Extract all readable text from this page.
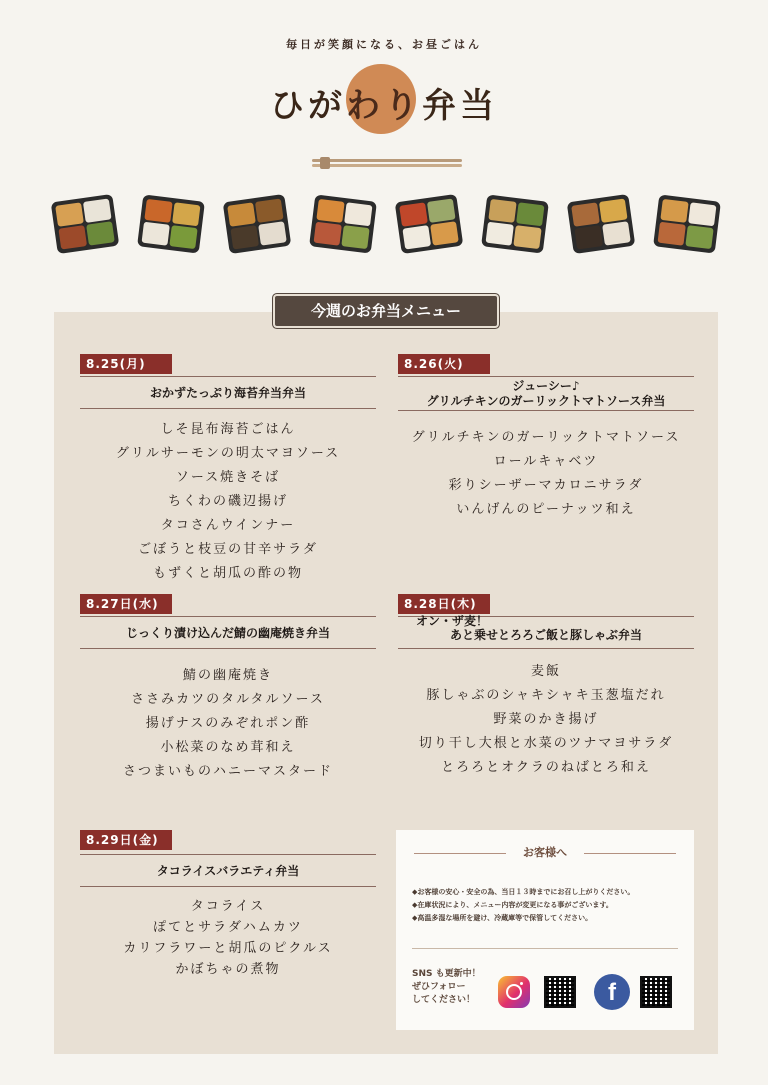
毎日が笑顔になる、お昼ごはん
ひがわり弁当
今週のお弁当メニュー
8.25(月)
おかずたっぷり海苔弁当弁当
しそ昆布海苔ごはん
グリルサーモンの明太マヨソース
ソース焼きそば
ちくわの磯辺揚げ
タコさんウインナー
ごぼうと枝豆の甘辛サラダ
もずくと胡瓜の酢の物
8.26(火)
ジューシー♪
グリルチキンのガーリックトマトソース弁当
グリルチキンのガーリックトマトソース
ロールキャベツ
彩りシーザーマカロニサラダ
いんげんのピーナッツ和え
8.27日(水)
じっくり漬け込んだ鯖の幽庵焼き弁当
鯖の幽庵焼き
ささみカツのタルタルソース
揚げナスのみぞれポン酢
小松菜のなめ茸和え
さつまいものハニーマスタード
8.28日(木)
オン・ザ麦！
あと乗せとろろご飯と豚しゃぶ弁当
麦飯
豚しゃぶのシャキシャキ玉葱塩だれ
野菜のかき揚げ
切り干し大根と水菜のツナマヨサラダ
とろろとオクラのねばとろ和え
8.29日(金)
タコライスバラエティ弁当
タコライス
ぽてとサラダハムカツ
カリフラワーと胡瓜のピクルス
かぼちゃの煮物
お客様へ
◆お客様の安心・安全の為、当日１３時までにお召し上がりください。
◆在庫状況により、メニュー内容が変更になる事がございます。
◆高温多湿な場所を避け、冷蔵庫等で保管してください。
SNS も更新中！
ぜひフォロー
してください！	f
